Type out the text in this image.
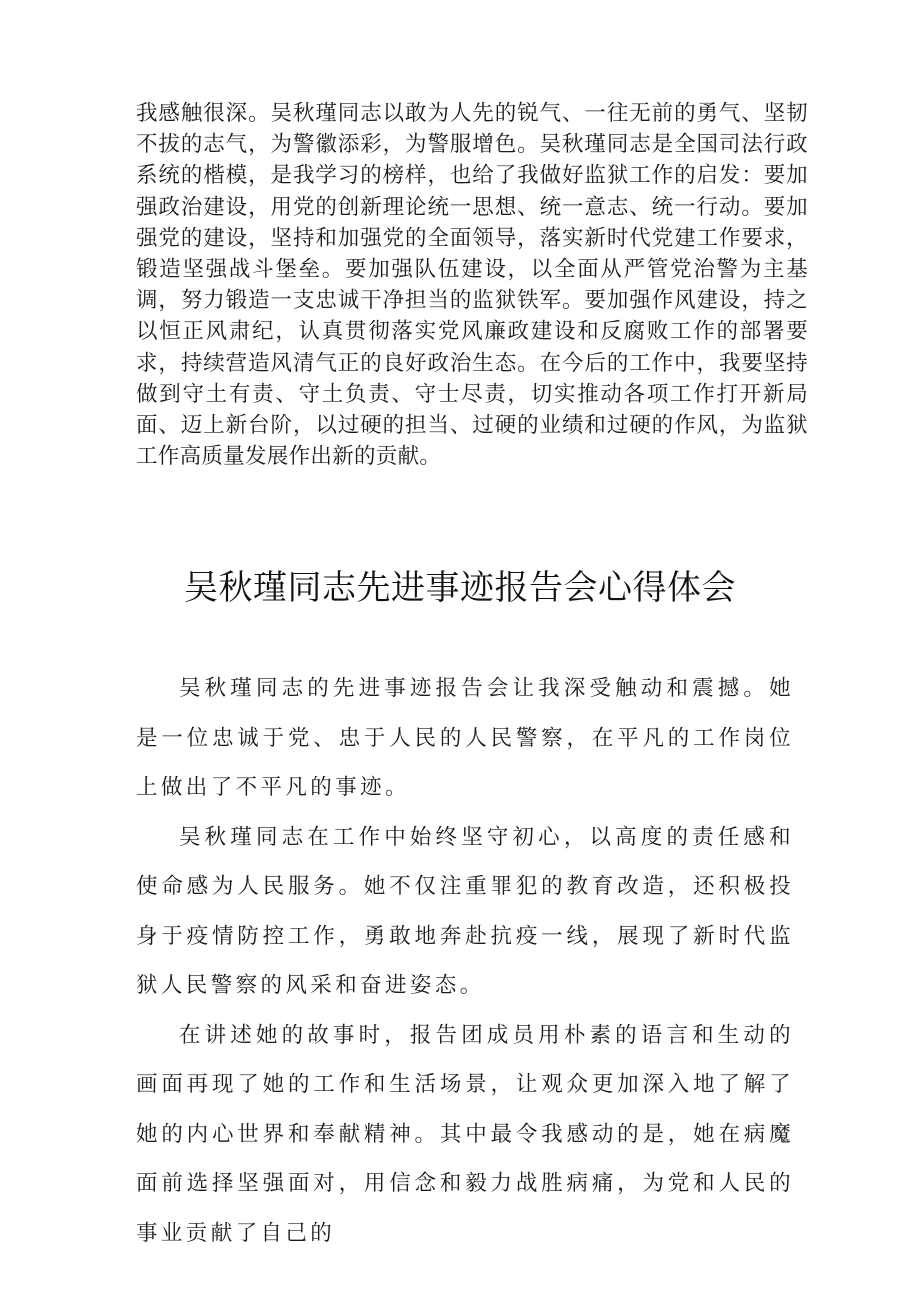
我感触很深。吴秋瑾同志以敢为人先的锐气、一往无前的勇气、坚韧不拔的志气，为警徽添彩，为警服增色。吴秋瑾同志是全国司法行政系统的楷模，是我学习的榜样，也给了我做好监狱工作的启发：要加强政治建设，用党的创新理论统一思想、统一意志、统一行动。要加强党的建设，坚持和加强党的全面领导，落实新时代党建工作要求，锻造坚强战斗堡垒。要加强队伍建设，以全面从严管党治警为主基调，努力锻造一支忠诚干净担当的监狱铁军。要加强作风建设，持之以恒正风肃纪，认真贯彻落实党风廉政建设和反腐败工作的部署要求，持续营造风清气正的良好政治生态。在今后的工作中，我要坚持做到守土有责、守土负责、守士尽责，切实推动各项工作打开新局面、迈上新台阶，以过硬的担当、过硬的业绩和过硬的作风，为监狱工作高质量发展作出新的贡献。

吴秋瑾同志先进事迹报告会心得体会

吴秋瑾同志的先进事迹报告会让我深受触动和震撼。她是一位忠诚于党、忠于人民的人民警察，在平凡的工作岗位上做出了不平凡的事迹。

吴秋瑾同志在工作中始终坚守初心，以高度的责任感和使命感为人民服务。她不仅注重罪犯的教育改造，还积极投身于疫情防控工作，勇敢地奔赴抗疫一线，展现了新时代监狱人民警察的风采和奋进姿态。

在讲述她的故事时，报告团成员用朴素的语言和生动的画面再现了她的工作和生活场景，让观众更加深入地了解了她的内心世界和奉献精神。其中最令我感动的是，她在病魔面前选择坚强面对，用信念和毅力战胜病痛，为党和人民的事业贡献了自己的
